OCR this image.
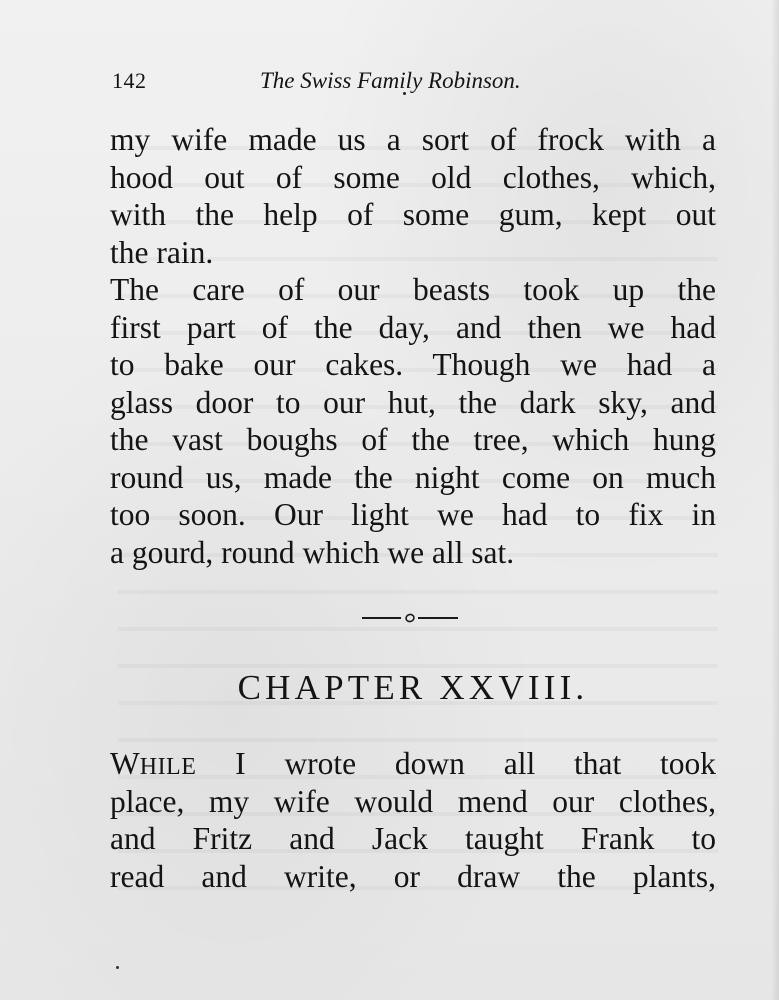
142	The Swiss Family Robinson.
my wife made us a sort of frock with a
hood out of some old clothes, which,
with the help of some gum, kept out
the rain.
The care of our beasts took up the
first part of the day, and then we had
to bake our cakes. Though we had a
glass door to our hut, the dark sky, and
the vast boughs of the tree, which hung
round us, made the night come on much
too soon. Our light we had to fix in
a gourd, round which we all sat.
CHAPTER XXVIII.
WHILE I wrote down all that took
place, my wife would mend our clothes,
and Fritz and Jack taught Frank to
read and write, or draw the plants,
